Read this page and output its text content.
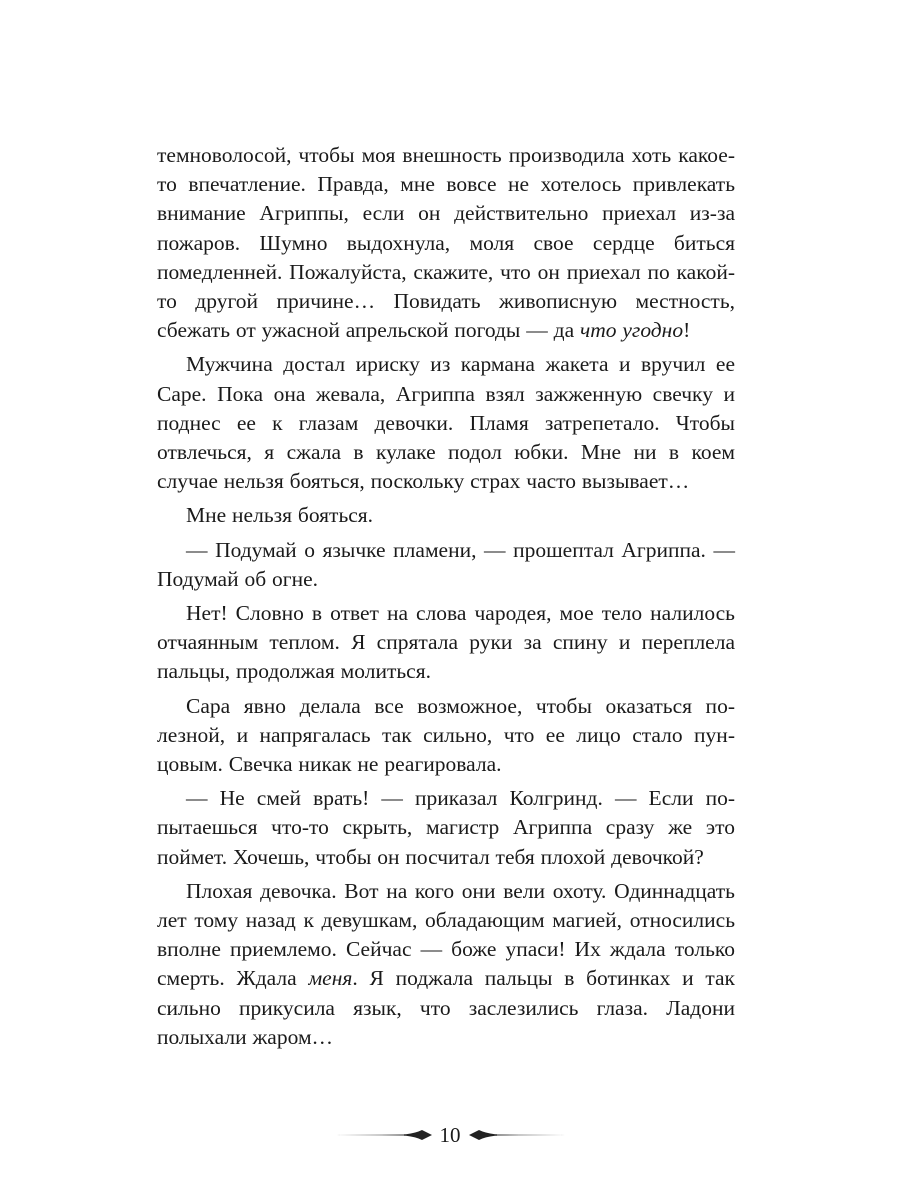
темноволосой, чтобы моя внешность производила хоть какое-то впечатление. Правда, мне вовсе не хотелось привлекать внимание Агриппы, если он действительно приехал из-за пожаров. Шумно выдохнула, моля свое сердце биться помедленней. Пожалуйста, скажите, что он приехал по какой-то другой причине… Повидать живописную местность, сбежать от ужасной апрельской погоды — да что угодно!

Мужчина достал ириску из кармана жакета и вручил ее Саре. Пока она жевала, Агриппа взял зажженную свечку и поднес ее к глазам девочки. Пламя затрепетало. Чтобы отвлечься, я сжала в кулаке подол юбки. Мне ни в коем случае нельзя бояться, поскольку страх часто вызывает…

Мне нельзя бояться.

— Подумай о язычке пламени, — прошептал Агриппа. — Подумай об огне.

Нет! Словно в ответ на слова чародея, мое тело налилось отчаянным теплом. Я спрятала руки за спину и переплела пальцы, продолжая молиться.

Сара явно делала все возможное, чтобы оказаться полезной, и напрягалась так сильно, что ее лицо стало пунцовым. Свечка никак не реагировала.

— Не смей врать! — приказал Колгринд. — Если попытаешься что-то скрыть, магистр Агриппа сразу же это поймет. Хочешь, чтобы он посчитал тебя плохой девочкой?

Плохая девочка. Вот на кого они вели охоту. Одиннадцать лет тому назад к девушкам, обладающим магией, относились вполне приемлемо. Сейчас — боже упаси! Их ждала только смерть. Ждала меня. Я поджала пальцы в ботинках и так сильно прикусила язык, что заслезились глаза. Ладони полыхали жаром…

10
